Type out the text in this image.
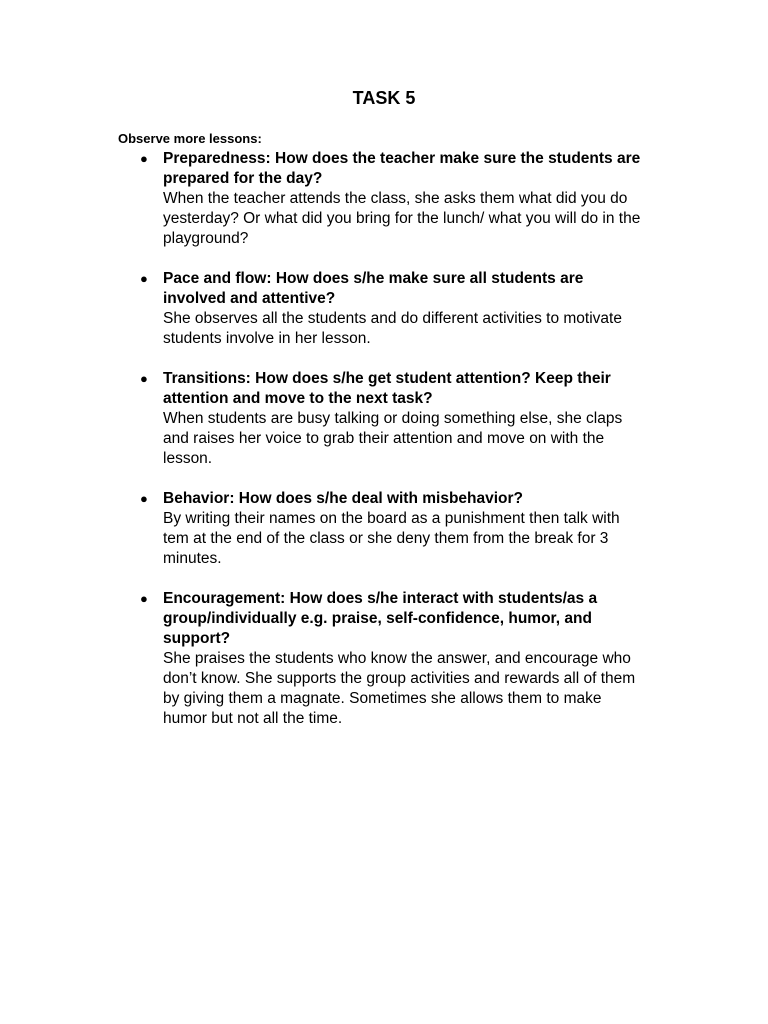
TASK 5
Observe more lessons:
● Preparedness: How does the teacher make sure the students are prepared for the day?
When the teacher attends the class, she asks them what did you do yesterday? Or what did you bring for the lunch/ what you will do in the playground?
● Pace and flow: How does s/he make sure all students are involved and attentive?
She observes all the students and do different activities to motivate students involve in her lesson.
● Transitions: How does s/he get student attention? Keep their attention and move to the next task?
When students are busy talking or doing something else, she claps and raises her voice to grab their attention and move on with the lesson.
● Behavior: How does s/he deal with misbehavior?
By writing their names on the board as a punishment then talk with tem at the end of the class or she deny them from the break for 3 minutes.
● Encouragement: How does s/he interact with students/as a group/individually e.g. praise, self-confidence, humor, and support?
She praises the students who know the answer, and encourage who don’t know. She supports the group activities and rewards all of them by giving them a magnate. Sometimes she allows them to make humor but not all the time.
